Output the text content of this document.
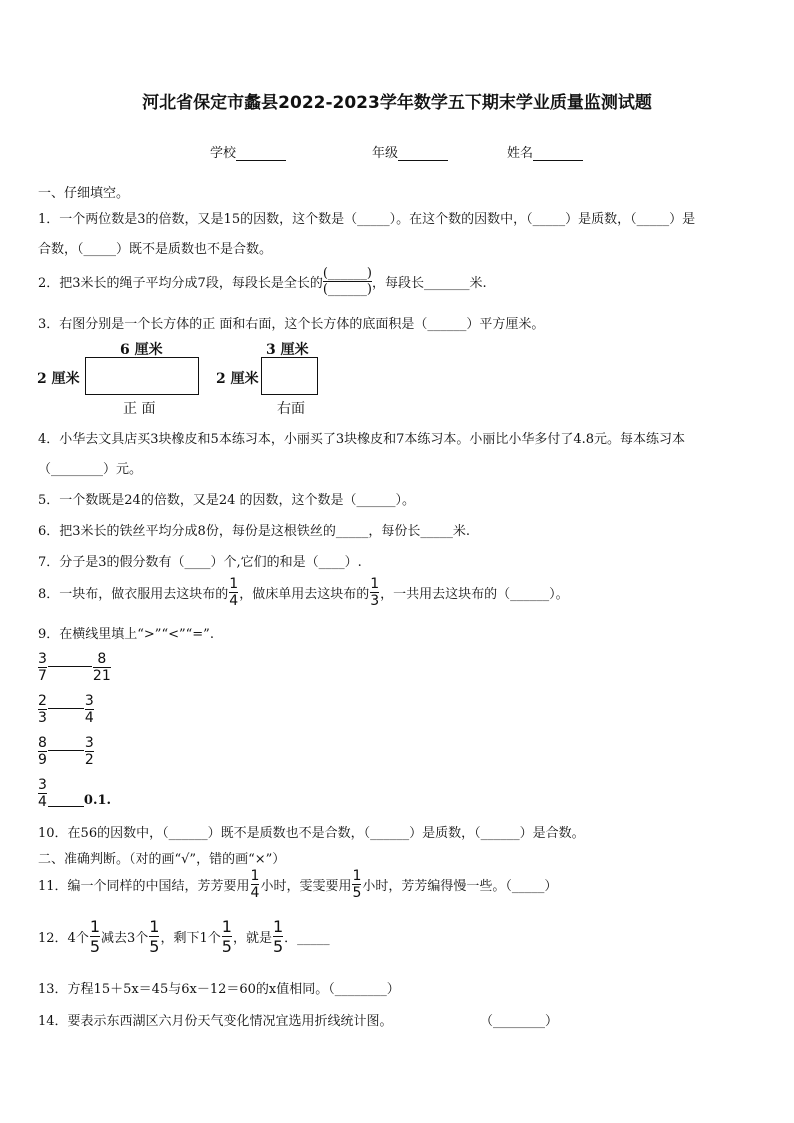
河北省保定市蠡县2022-2023学年数学五下期末学业质量监测试题
学校	年级	姓名
一、仔细填空。
1．一个两位数是3的倍数，又是15的因数，这个数是（_____）。在这个数的因数中，（_____）是质数，（_____）是
合数，（_____）既不是质数也不是合数。
2．把3米长的绳子平均分成7段，每段长是全长的 $\frac{(\_\_\_\_\_\_)}{(\_\_\_\_\_\_)}$ ，每段长_______米.
3．右图分别是一个长方体的正 面和右面，这个长方体的底面积是（______）平方厘米。
6 厘米
2 厘米
正 面
3 厘米
2 厘米
右面
4．小华去文具店买3块橡皮和5本练习本，小丽买了3块橡皮和7本练习本。小丽比小华多付了4.8元。每本练习本
（________）元。
5．一个数既是24的倍数，又是24 的因数，这个数是（______）。
6．把3米长的铁丝平均分成8份，每份是这根铁丝的_____，每份长_____米.
7．分子是3的假分数有（____）个,它们的和是（____）.
8．一块布，做衣服用去这块布的 $\frac{1}{4}$ ，做床单用去这块布的 $\frac{1}{3}$ ，一共用去这块布的（______）。
9．在横线里填上“>”“<”“=”.
$\frac{3}{7}$	$\frac{8}{21}$
$\frac{2}{3}$	$\frac{3}{4}$
$\frac{8}{9}$	$\frac{3}{2}$
$\frac{3}{4}$	0.1.
10．在56的因数中，（______）既不是质数也不是合数，（______）是质数，（______）是合数。
二、准确判断。（对的画“√”，错的画“×”）
11．编一个同样的中国结，芳芳要用 $\frac{1}{4}$ 小时，雯雯要用 $\frac{1}{5}$ 小时，芳芳编得慢一些。（_____）
12．4个 $\frac{1}{5}$ 减去3个 $\frac{1}{5}$ ，剩下1个 $\frac{1}{5}$ ，就是 $\frac{1}{5}$ ．_____
13．方程15＋5x＝45与6x－12＝60的x值相同。（________）
14．要表示东西湖区六月份天气变化情况宜选用折线统计图。	（________）
